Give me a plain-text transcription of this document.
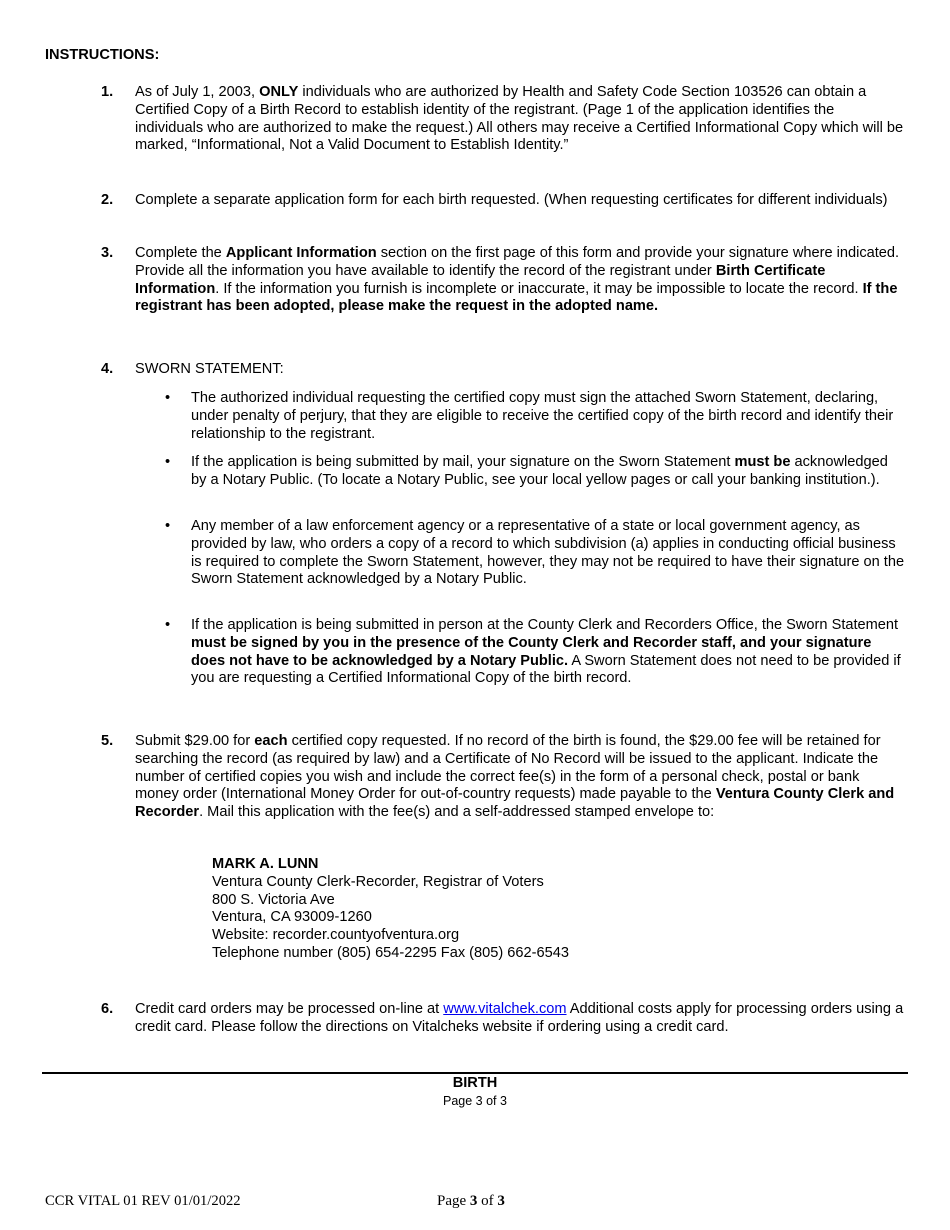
INSTRUCTIONS:
1. As of July 1, 2003, ONLY individuals who are authorized by Health and Safety Code Section 103526 can obtain a Certified Copy of a Birth Record to establish identity of the registrant. (Page 1 of the application identifies the individuals who are authorized to make the request.) All others may receive a Certified Informational Copy which will be marked, “Informational, Not a Valid Document to Establish Identity.”
2. Complete a separate application form for each birth requested. (When requesting certificates for different individuals)
3. Complete the Applicant Information section on the first page of this form and provide your signature where indicated. Provide all the information you have available to identify the record of the registrant under Birth Certificate Information. If the information you furnish is incomplete or inaccurate, it may be impossible to locate the record. If the registrant has been adopted, please make the request in the adopted name.
4. SWORN STATEMENT:
• The authorized individual requesting the certified copy must sign the attached Sworn Statement, declaring, under penalty of perjury, that they are eligible to receive the certified copy of the birth record and identify their relationship to the registrant.
• If the application is being submitted by mail, your signature on the Sworn Statement must be acknowledged by a Notary Public. (To locate a Notary Public, see your local yellow pages or call your banking institution.).
• Any member of a law enforcement agency or a representative of a state or local government agency, as provided by law, who orders a copy of a record to which subdivision (a) applies in conducting official business is required to complete the Sworn Statement, however, they may not be required to have their signature on the Sworn Statement acknowledged by a Notary Public.
• If the application is being submitted in person at the County Clerk and Recorders Office, the Sworn Statement must be signed by you in the presence of the County Clerk and Recorder staff, and your signature does not have to be acknowledged by a Notary Public. A Sworn Statement does not need to be provided if you are requesting a Certified Informational Copy of the birth record.
5. Submit $29.00 for each certified copy requested. If no record of the birth is found, the $29.00 fee will be retained for searching the record (as required by law) and a Certificate of No Record will be issued to the applicant. Indicate the number of certified copies you wish and include the correct fee(s) in the form of a personal check, postal or bank money order (International Money Order for out-of-country requests) made payable to the Ventura County Clerk and Recorder. Mail this application with the fee(s) and a self-addressed stamped envelope to:
MARK A. LUNN
Ventura County Clerk-Recorder, Registrar of Voters
800 S. Victoria Ave
Ventura, CA 93009-1260
Website: recorder.countyofventura.org
Telephone number (805) 654-2295 Fax (805) 662-6543
6. Credit card orders may be processed on-line at www.vitalchek.com Additional costs apply for processing orders using a credit card. Please follow the directions on Vitalcheks website if ordering using a credit card.
BIRTH
Page 3 of 3
CCR VITAL 01 REV 01/01/2022	Page 3 of 3
